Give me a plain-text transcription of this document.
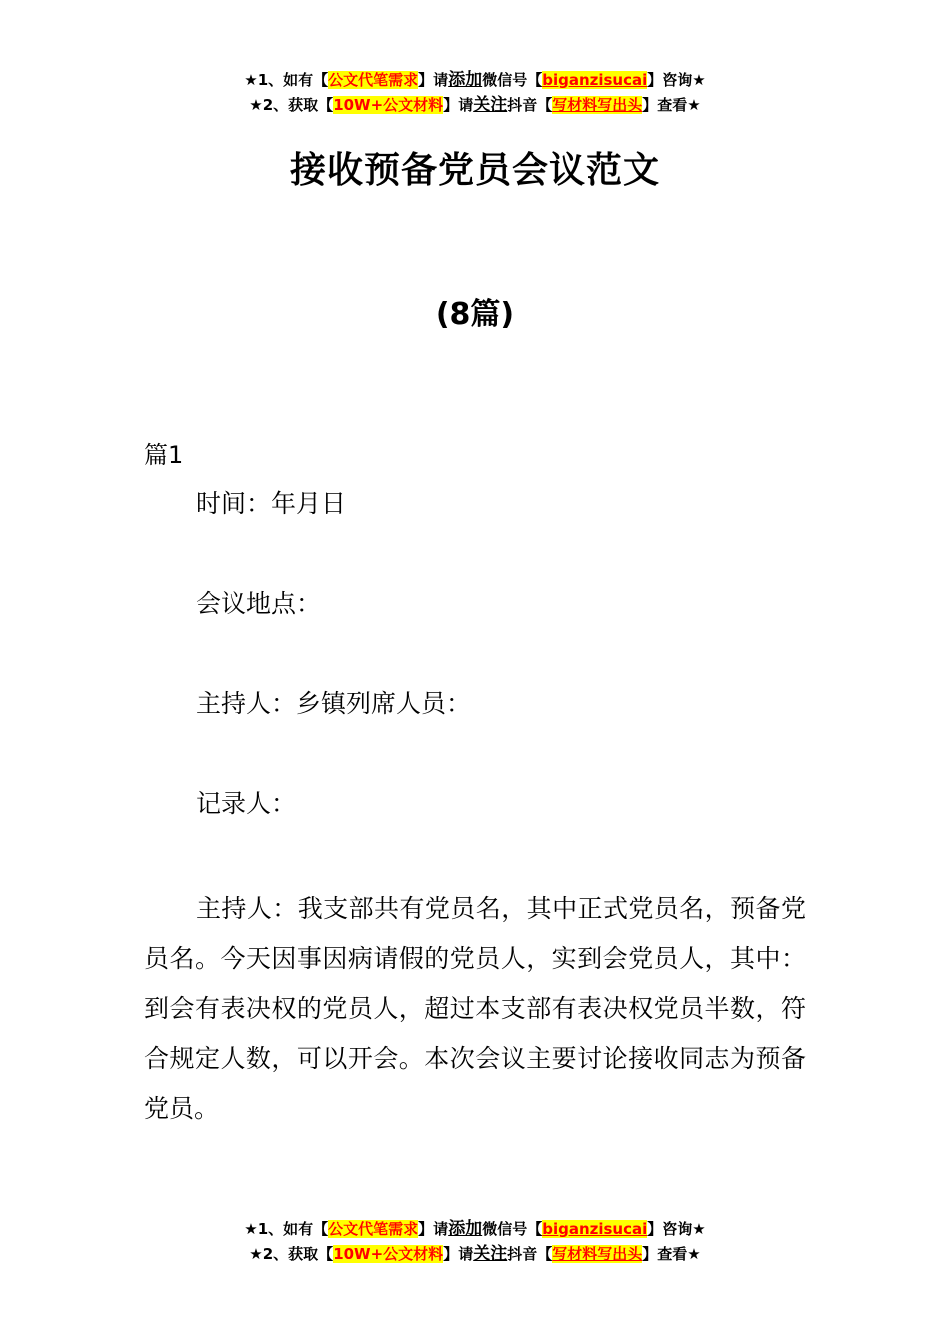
★1、如有【公文代笔需求】请添加微信号【biganzisucai】咨询★
★2、获取【10W+公文材料】请关注抖音【写材料写出头】查看★
接收预备党员会议范文
(8篇)
篇1
时间：年月日
会议地点：
主持人：乡镇列席人员：
记录人：

主持人：我支部共有党员名，其中正式党员名，预备党员名。今天因事因病请假的党员人，实到会党员人，其中：到会有表决权的党员人，超过本支部有表决权党员半数，符合规定人数，可以开会。本次会议主要讨论接收同志为预备党员。

★1、如有【公文代笔需求】请添加微信号【biganzisucai】咨询★
★2、获取【10W+公文材料】请关注抖音【写材料写出头】查看★
